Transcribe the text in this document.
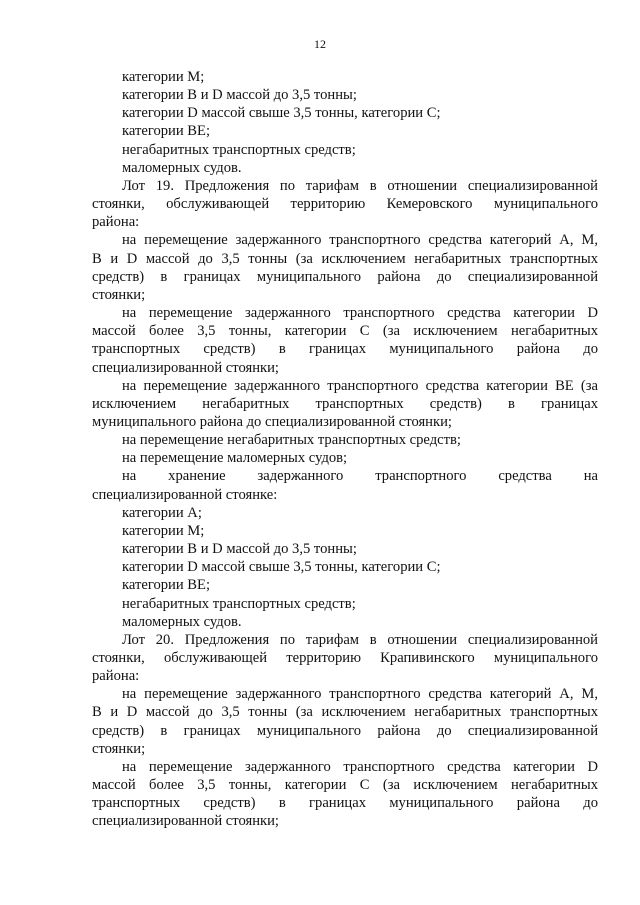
12
категории М;
категории В и D массой до 3,5 тонны;
категории D массой свыше 3,5 тонны, категории С;
категории ВЕ;
негабаритных транспортных средств;
маломерных судов.
Лот 19. Предложения по тарифам в отношении специализированной
стоянки, обслуживающей территорию Кемеровского муниципального
района:
на перемещение задержанного транспортного средства категорий А, М,
В и D массой до 3,5 тонны (за исключением негабаритных транспортных
средств) в границах муниципального района до специализированной
стоянки;
на перемещение задержанного транспортного средства категории D
массой более 3,5 тонны, категории С (за исключением негабаритных
транспортных средств) в границах муниципального района до
специализированной стоянки;
на перемещение задержанного транспортного средства категории ВЕ (за
исключением негабаритных транспортных средств) в границах
муниципального района до специализированной стоянки;
на перемещение негабаритных транспортных средств;
на перемещение маломерных судов;
на хранение задержанного транспортного средства на
специализированной стоянке:
категории А;
категории М;
категории В и D массой до 3,5 тонны;
категории D массой свыше 3,5 тонны, категории С;
категории ВЕ;
негабаритных транспортных средств;
маломерных судов.
Лот 20. Предложения по тарифам в отношении специализированной
стоянки, обслуживающей территорию Крапивинского муниципального
района:
на перемещение задержанного транспортного средства категорий А, М,
В и D массой до 3,5 тонны (за исключением негабаритных транспортных
средств) в границах муниципального района до специализированной
стоянки;
на перемещение задержанного транспортного средства категории D
массой более 3,5 тонны, категории С (за исключением негабаритных
транспортных средств) в границах муниципального района до
специализированной стоянки;
